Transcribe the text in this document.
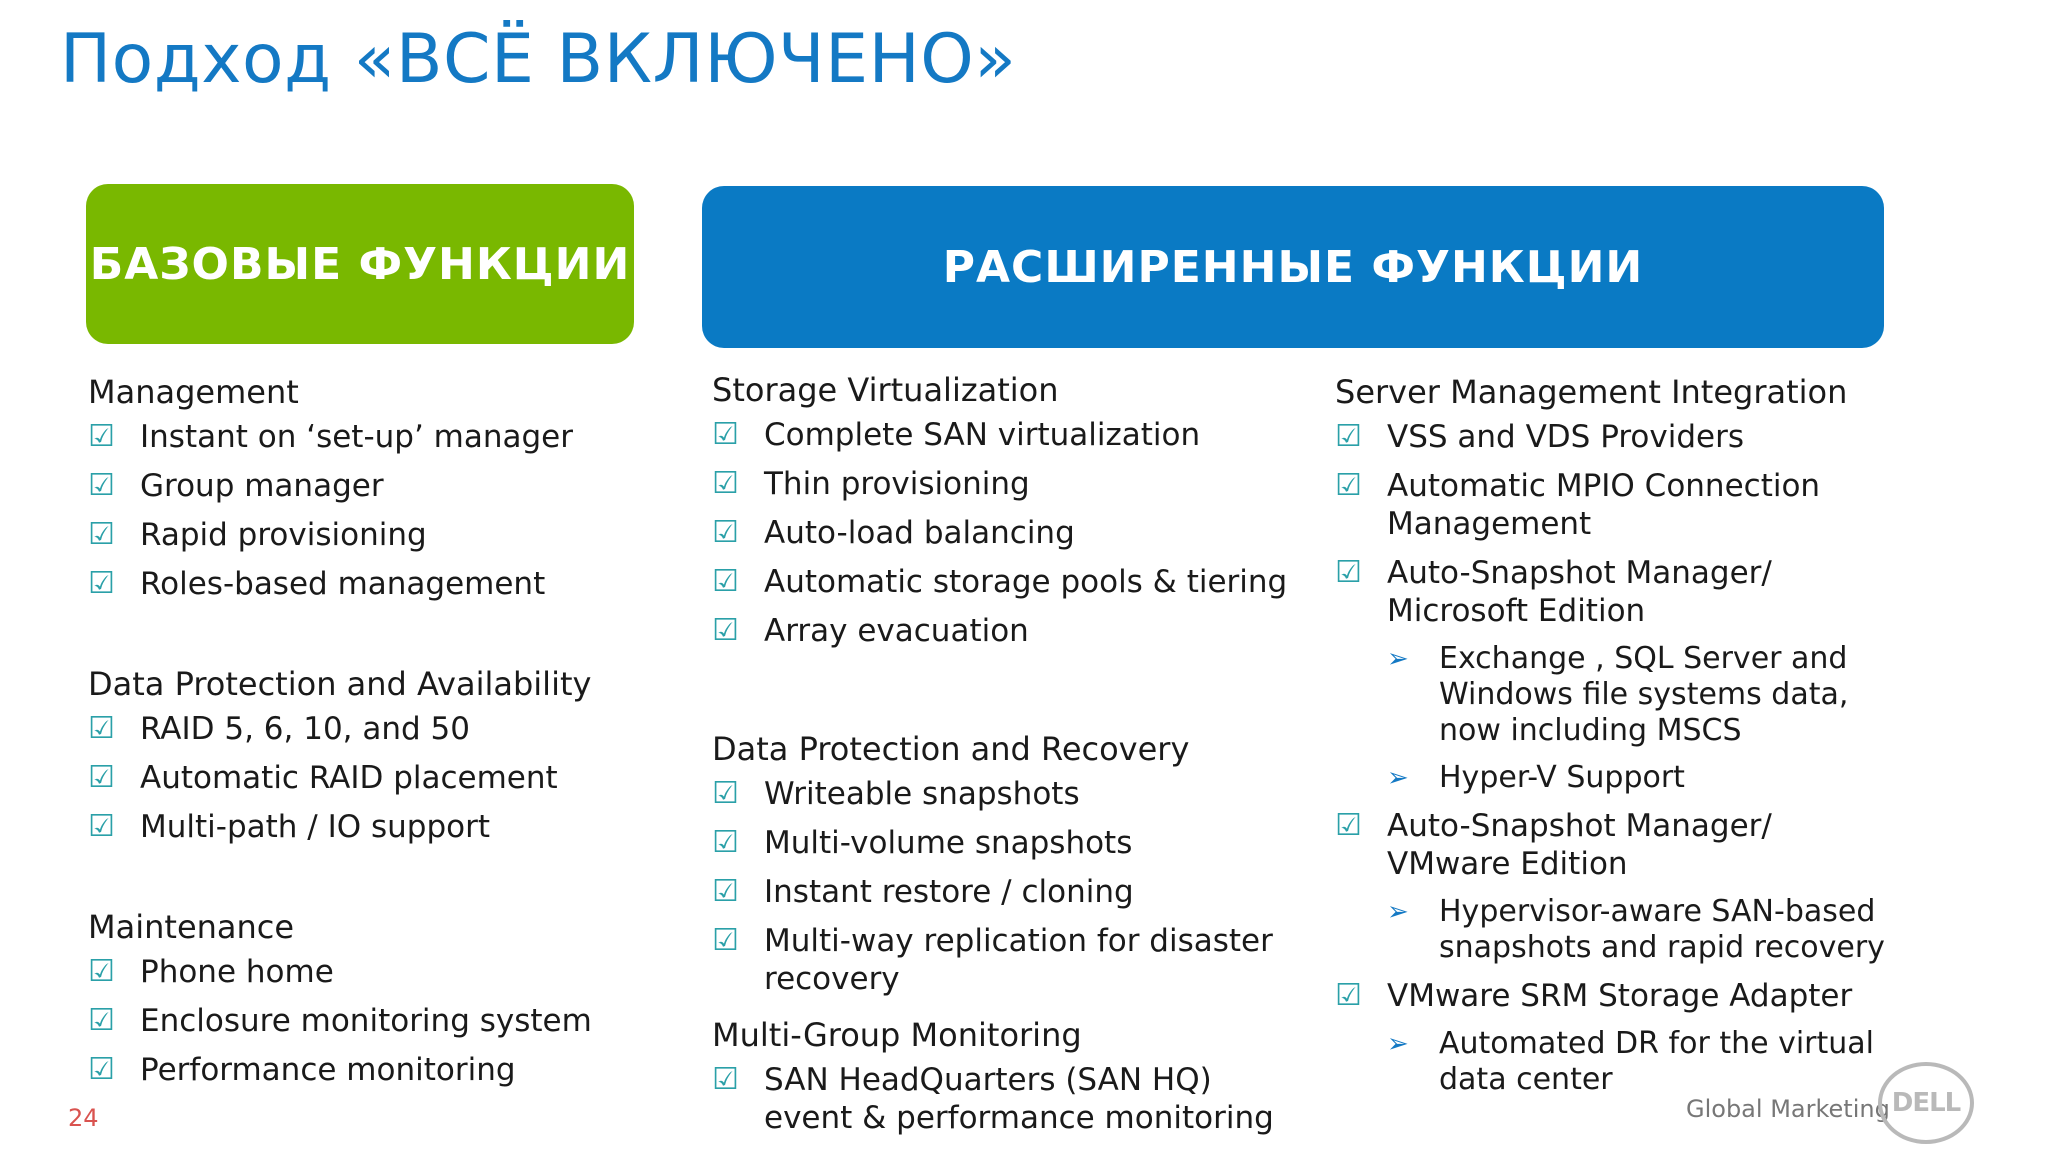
Подход «ВСЁ ВКЛЮЧЕНО»
БАЗОВЫЕ ФУНКЦИИ	РАСШИРЕННЫЕ ФУНКЦИИ
Management
☑ Instant on ‘set-up’ manager
☑ Group manager
☑ Rapid provisioning
☑ Roles-based management
Data Protection and Availability
☑ RAID 5, 6, 10, and 50
☑ Automatic RAID placement
☑ Multi-path / IO support
Maintenance
☑ Phone home
☑ Enclosure monitoring system
☑ Performance monitoring
Storage Virtualization
☑ Complete SAN virtualization
☑ Thin provisioning
☑ Auto-load balancing
☑ Automatic storage pools & tiering
☑ Array evacuation
Data Protection and Recovery
☑ Writeable snapshots
☑ Multi-volume snapshots
☑ Instant restore / cloning
☑ Multi-way replication for disaster recovery
Multi-Group Monitoring
☑ SAN HeadQuarters (SAN HQ) event & performance monitoring
Server Management Integration
☑ VSS and VDS Providers
☑ Automatic MPIO Connection Management
☑ Auto-Snapshot Manager/ Microsoft Edition
➢	Exchange , SQL Server and Windows file systems data, now including MSCS
➢	Hyper-V Support
☑ Auto-Snapshot Manager/ VMware Edition
➢	Hypervisor-aware SAN-based snapshots and rapid recovery
☑ VMware SRM Storage Adapter
➢	Automated DR for the virtual data center
24	Global Marketing DELL
